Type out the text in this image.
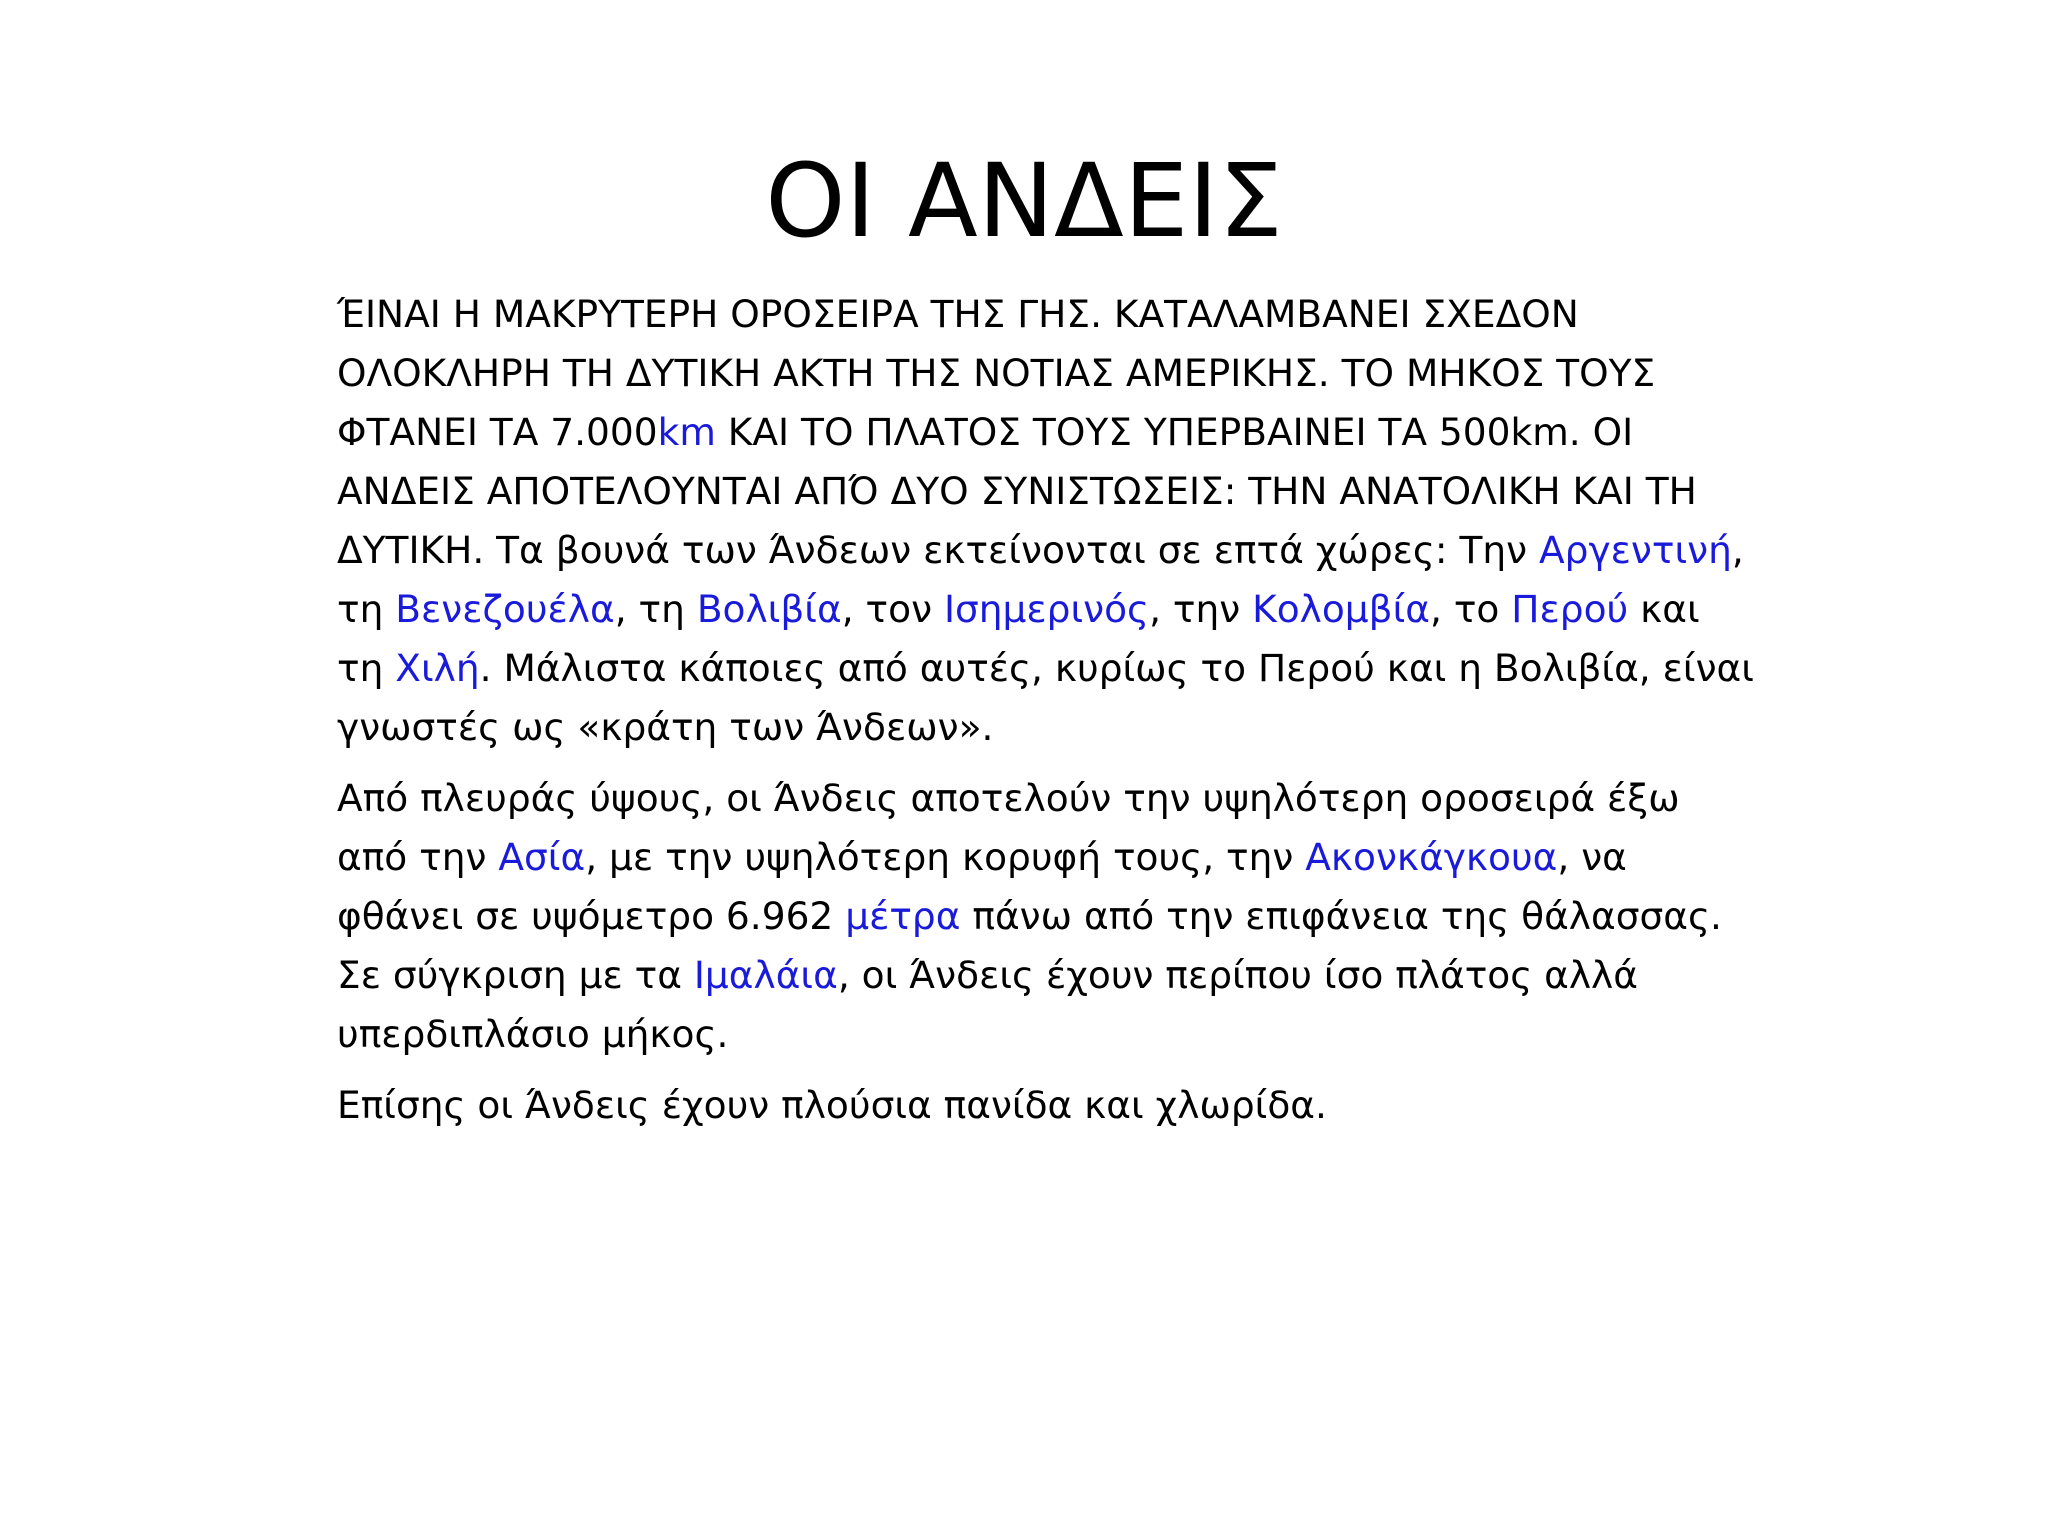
ΟΙ ΑΝΔΕΙΣ

ΈΙΝΑΙ Η ΜΑΚΡΥΤΕΡΗ ΟΡΟΣΕΙΡΑ ΤΗΣ ΓΗΣ. ΚΑΤΑΛΑΜΒΑΝΕΙ ΣΧΕΔΟΝ ΟΛΟΚΛΗΡΗ ΤΗ ΔΥΤΙΚΗ ΑΚΤΗ ΤΗΣ ΝΟΤΙΑΣ ΑΜΕΡΙΚΗΣ. ΤΟ ΜΗΚΟΣ ΤΟΥΣ ΦΤΑΝΕΙ ΤΑ 7.000km ΚΑΙ ΤΟ ΠΛΑΤΟΣ ΤΟΥΣ ΥΠΕΡΒΑΙΝΕΙ ΤΑ 500km. ΟΙ ΑΝΔΕΙΣ ΑΠΟΤΕΛΟΥΝΤΑΙ ΑΠΌ ΔΥΟ ΣΥΝΙΣΤΩΣΕΙΣ: ΤΗΝ ΑΝΑΤΟΛΙΚΗ ΚΑΙ ΤΗ ΔΥΤΙΚΗ. Τα βουνά των Άνδεων εκτείνονται σε επτά χώρες: Την Αργεντινή, τη Βενεζουέλα, τη Βολιβία, τον Ισημερινός, την Κολομβία, το Περού και τη Χιλή. Μάλιστα κάποιες από αυτές, κυρίως το Περού και η Βολιβία, είναι γνωστές ως «κράτη των Άνδεων».

Από πλευράς ύψους, οι Άνδεις αποτελούν την υψηλότερη οροσειρά έξω από την Ασία, με την υψηλότερη κορυφή τους, την Ακονκάγκουα, να φθάνει σε υψόμετρο 6.962 μέτρα πάνω από την επιφάνεια της θάλασσας. Σε σύγκριση με τα Ιμαλάια, οι Άνδεις έχουν περίπου ίσο πλάτος αλλά υπερδιπλάσιο μήκος.

Επίσης οι Άνδεις έχουν πλούσια πανίδα και χλωρίδα.
